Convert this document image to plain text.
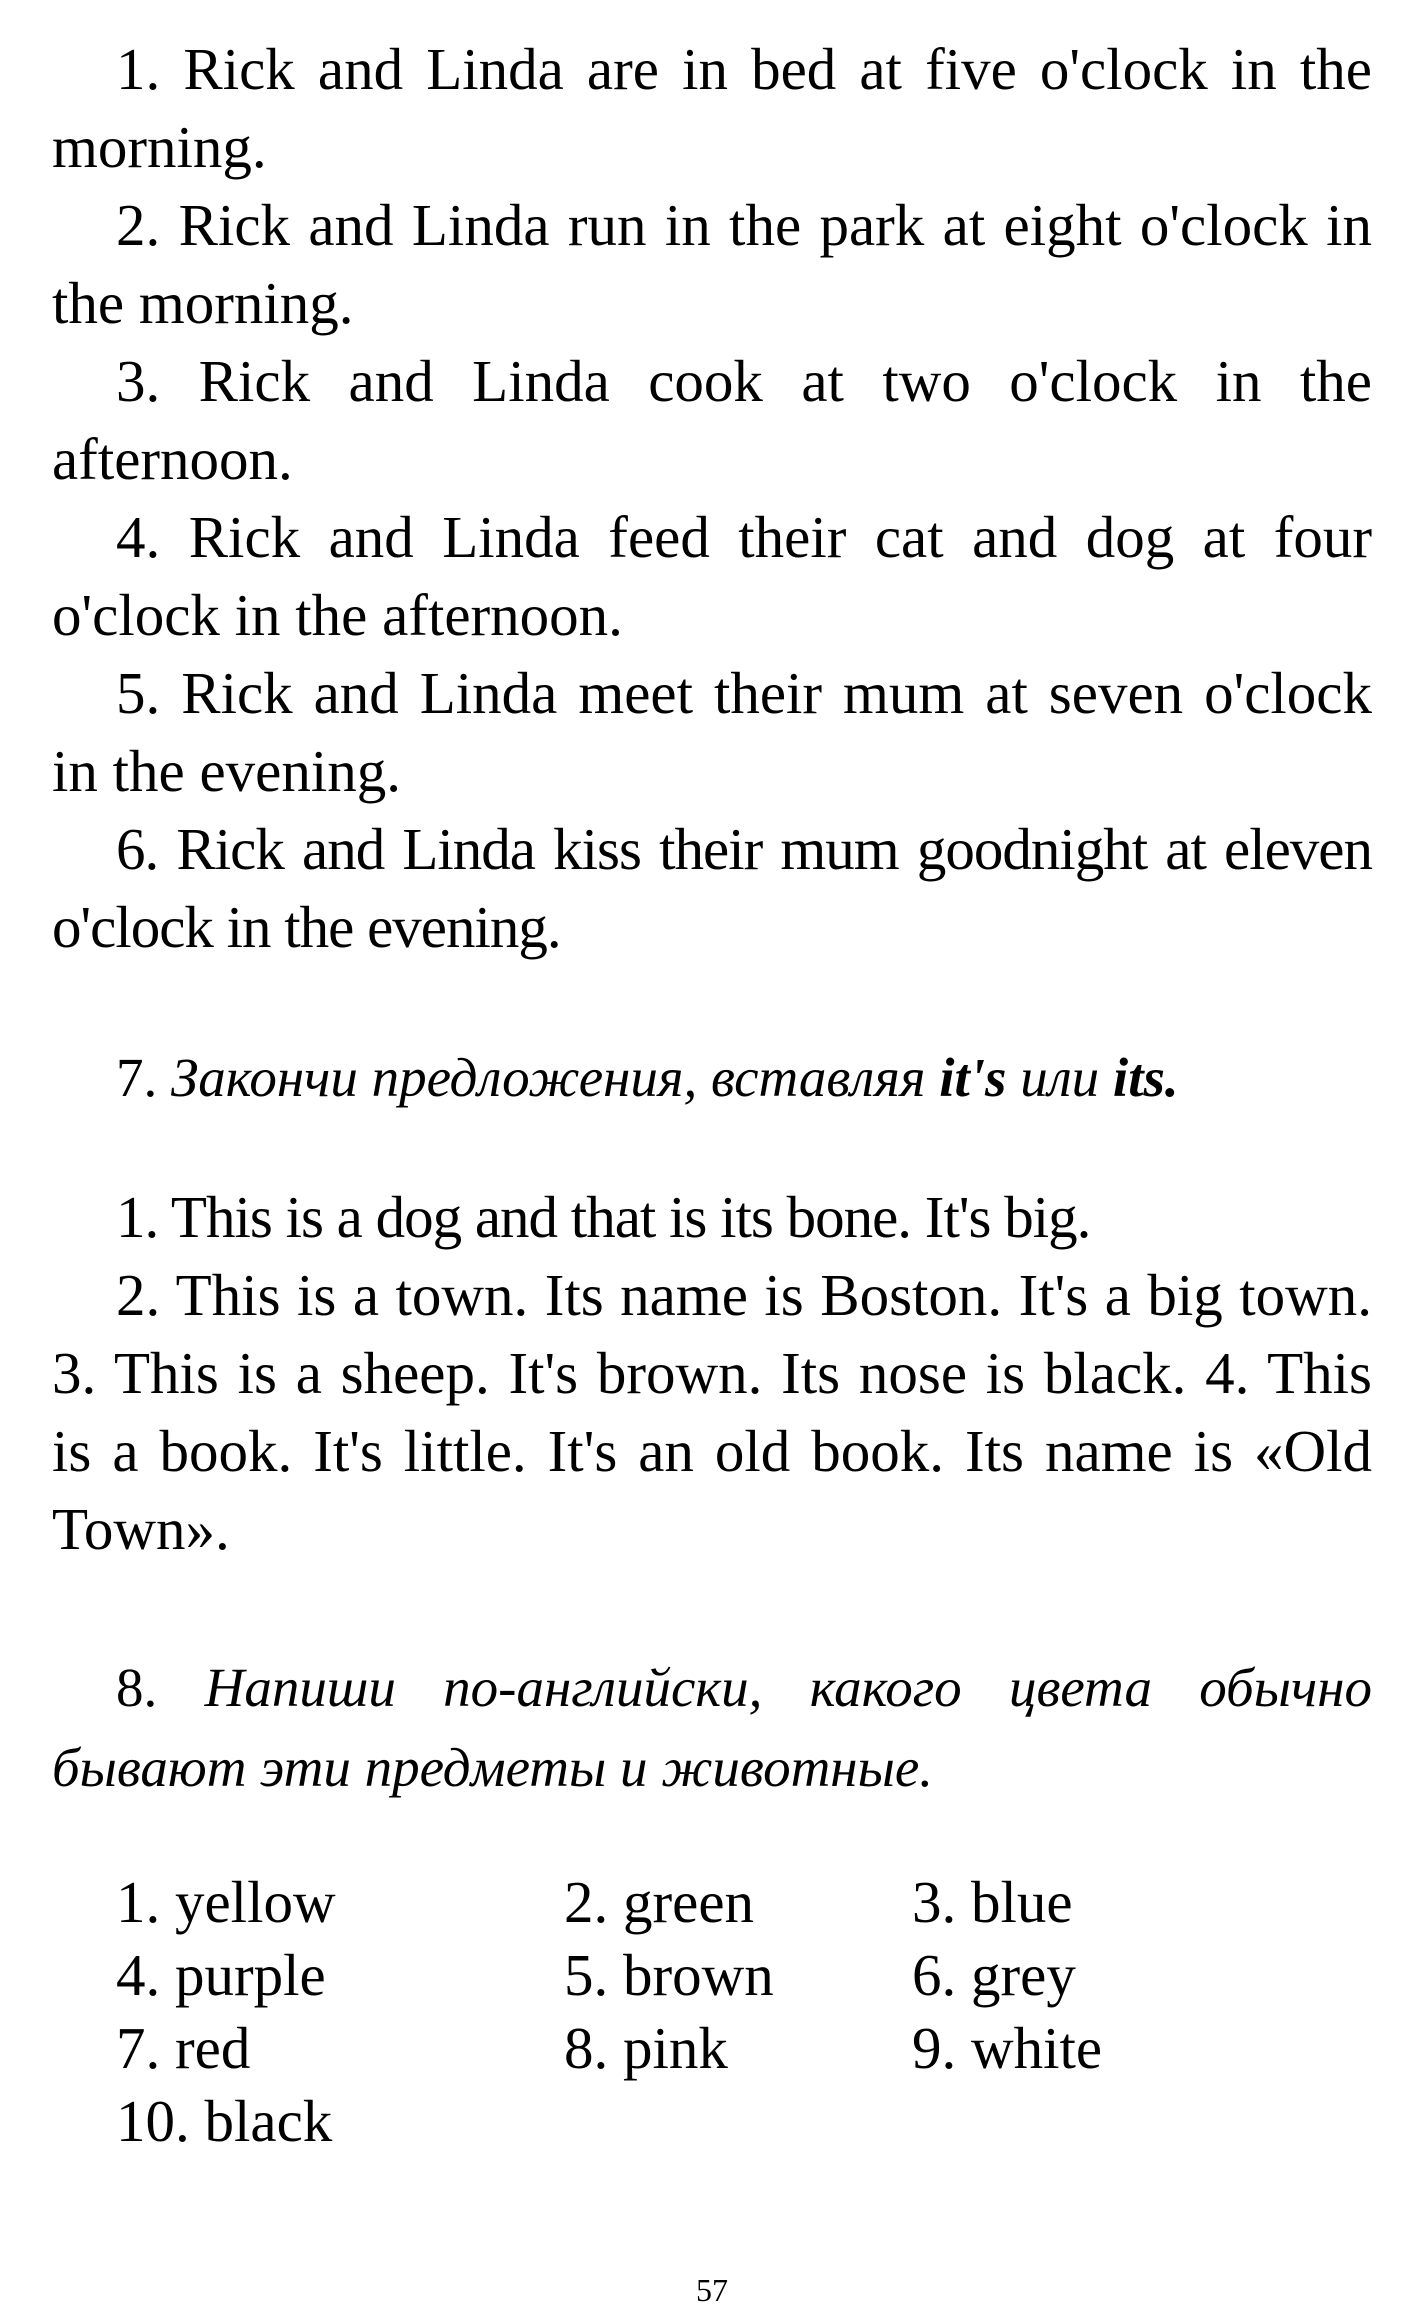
1. Rick and Linda are in bed at five o'clock in the morning.

2. Rick and Linda run in the park at eight o'clock in the morning.

3. Rick and Linda cook at two o'clock in the afternoon.

4. Rick and Linda feed their cat and dog at four o'clock in the afternoon.

5. Rick and Linda meet their mum at seven o'clock in the evening.

6. Rick and Linda kiss their mum goodnight at eleven o'clock in the evening.

7. Закончи предложения, вставляя it's или its.

1. This is a dog and that is its bone. It's big.

2. This is a town. Its name is Boston. It's a big town. 3. This is a sheep. It's brown. Its nose is black. 4. This is a book. It's little. It's an old book. Its name is «Old Town».

8. Напиши по-английски, какого цвета обычно бывают эти предметы и животные.

1. yellow	2. green	3. blue
4. purple	5. brown 6. grey
7. red	8. pink	9. white
10. black
57
